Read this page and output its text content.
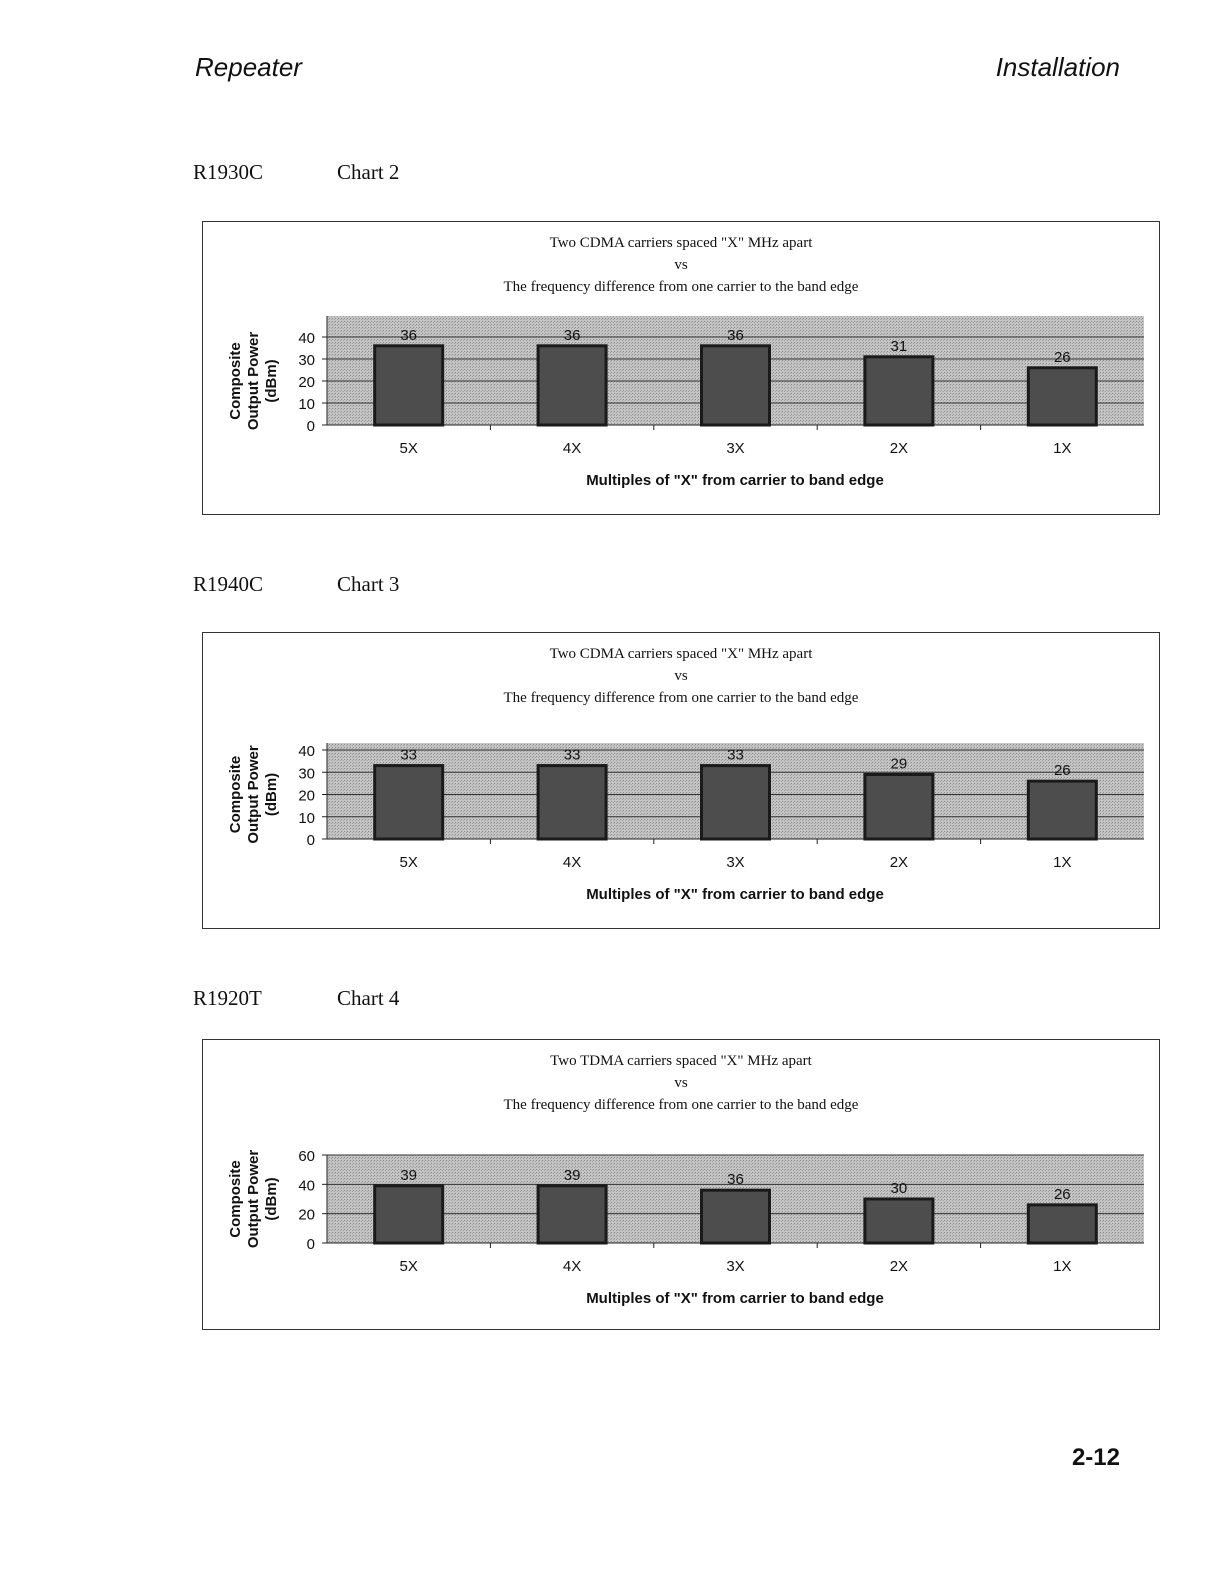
Repeater	Installation
R1930C	Chart 2
Two CDMA carriers spaced "X" MHz apart
vs
The frequency difference from one carrier to the band edge
0
10
20
30
40
CompositeOutput Power(dBm)
36
5X
36
4X
36
3X
31
2X
26
1X
Multiples of "X" from carrier to band edge
R1940C	Chart 3
Two CDMA carriers spaced "X" MHz apart
vs
The frequency difference from one carrier to the band edge
0
10
20
30
40
CompositeOutput Power(dBm)
33
5X
33
4X
33
3X
29
2X
26
1X
Multiples of "X" from carrier to band edge
R1920T	Chart 4
Two TDMA carriers spaced "X" MHz apart
vs
The frequency difference from one carrier to the band edge
0
20
40
60
CompositeOutput Power(dBm)
39
5X
39
4X
36
3X
30
2X
26
1X
Multiples of "X" from carrier to band edge
2-12
